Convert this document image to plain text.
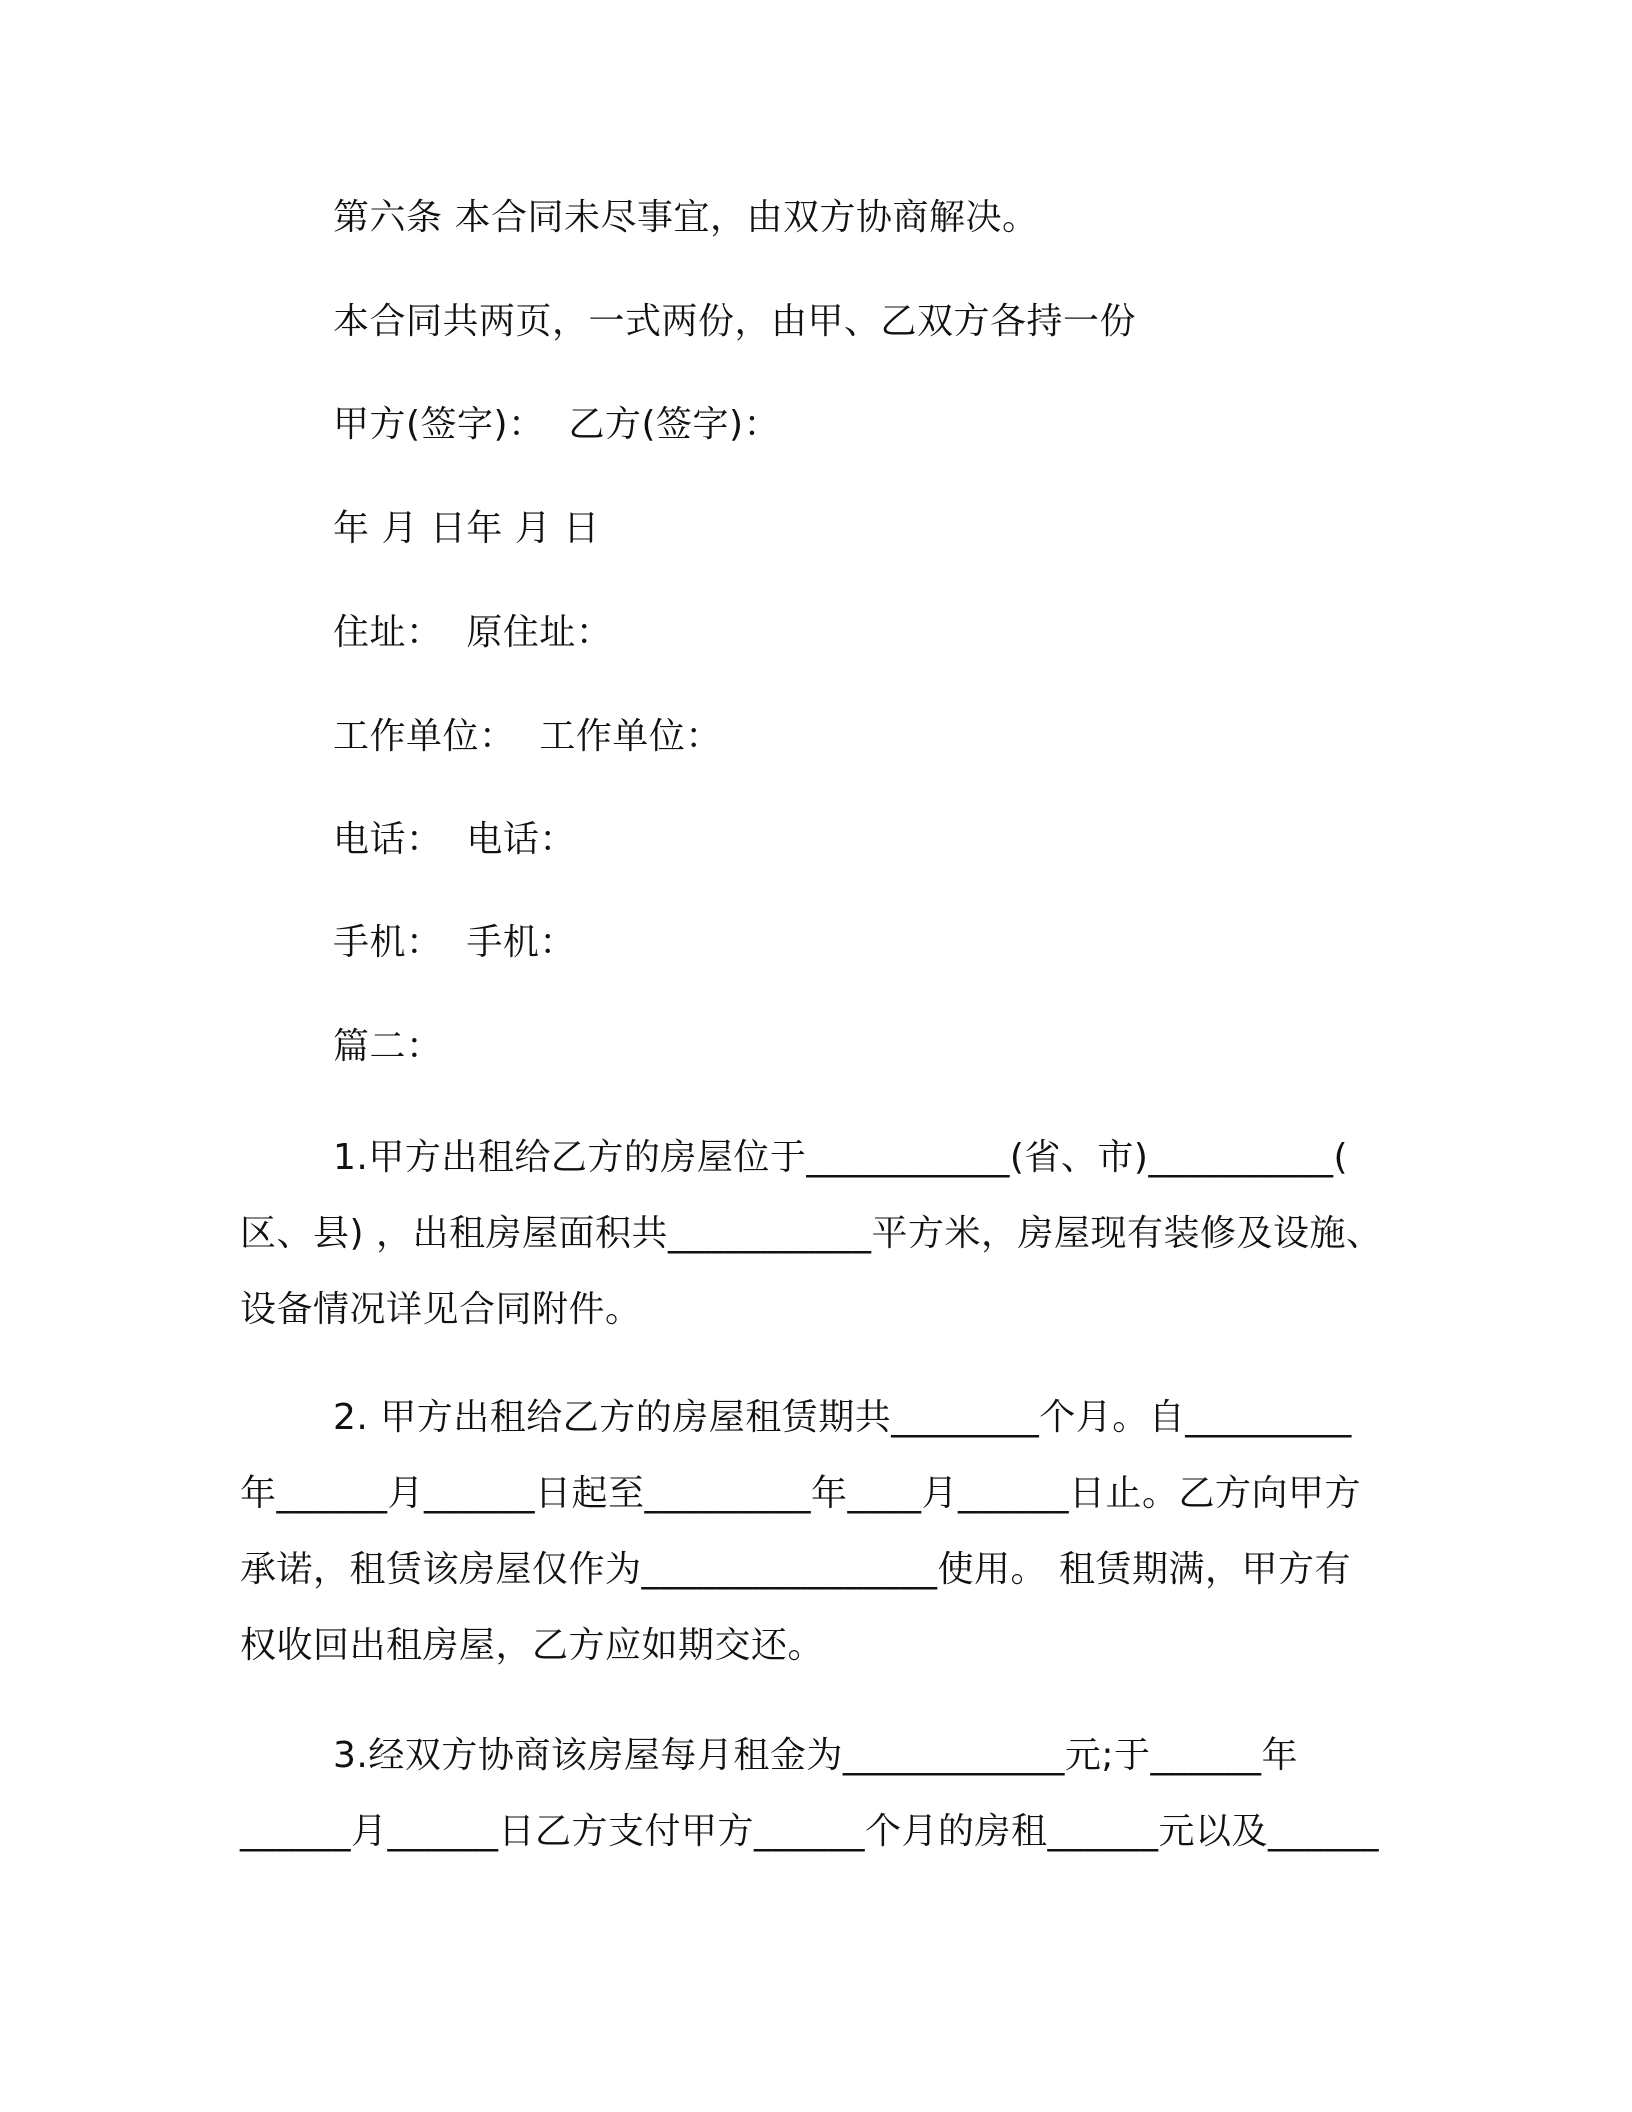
第六条 本合同未尽事宜，由双方协商解决。
本合同共两页，一式两份，由甲、乙双方各持一份
甲方(签字)：  乙方(签字)：
年 月 日年 月 日
住址：  原住址：
工作单位：  工作单位：
电话：  电话：
手机：  手机：
篇二：
1.甲方出租给乙方的房屋位于___________(省、市)__________(
区、县) ，出租房屋面积共___________平方米，房屋现有装修及设施、
设备情况详见合同附件。
2. 甲方出租给乙方的房屋租赁期共________个月。自_________
年______月______日起至_________年____月______日止。乙方向甲方
承诺，租赁该房屋仅作为________________使用。 租赁期满，甲方有
权收回出租房屋，乙方应如期交还。
3.经双方协商该房屋每月租金为____________元;于______年
______月______日乙方支付甲方______个月的房租______元以及______
